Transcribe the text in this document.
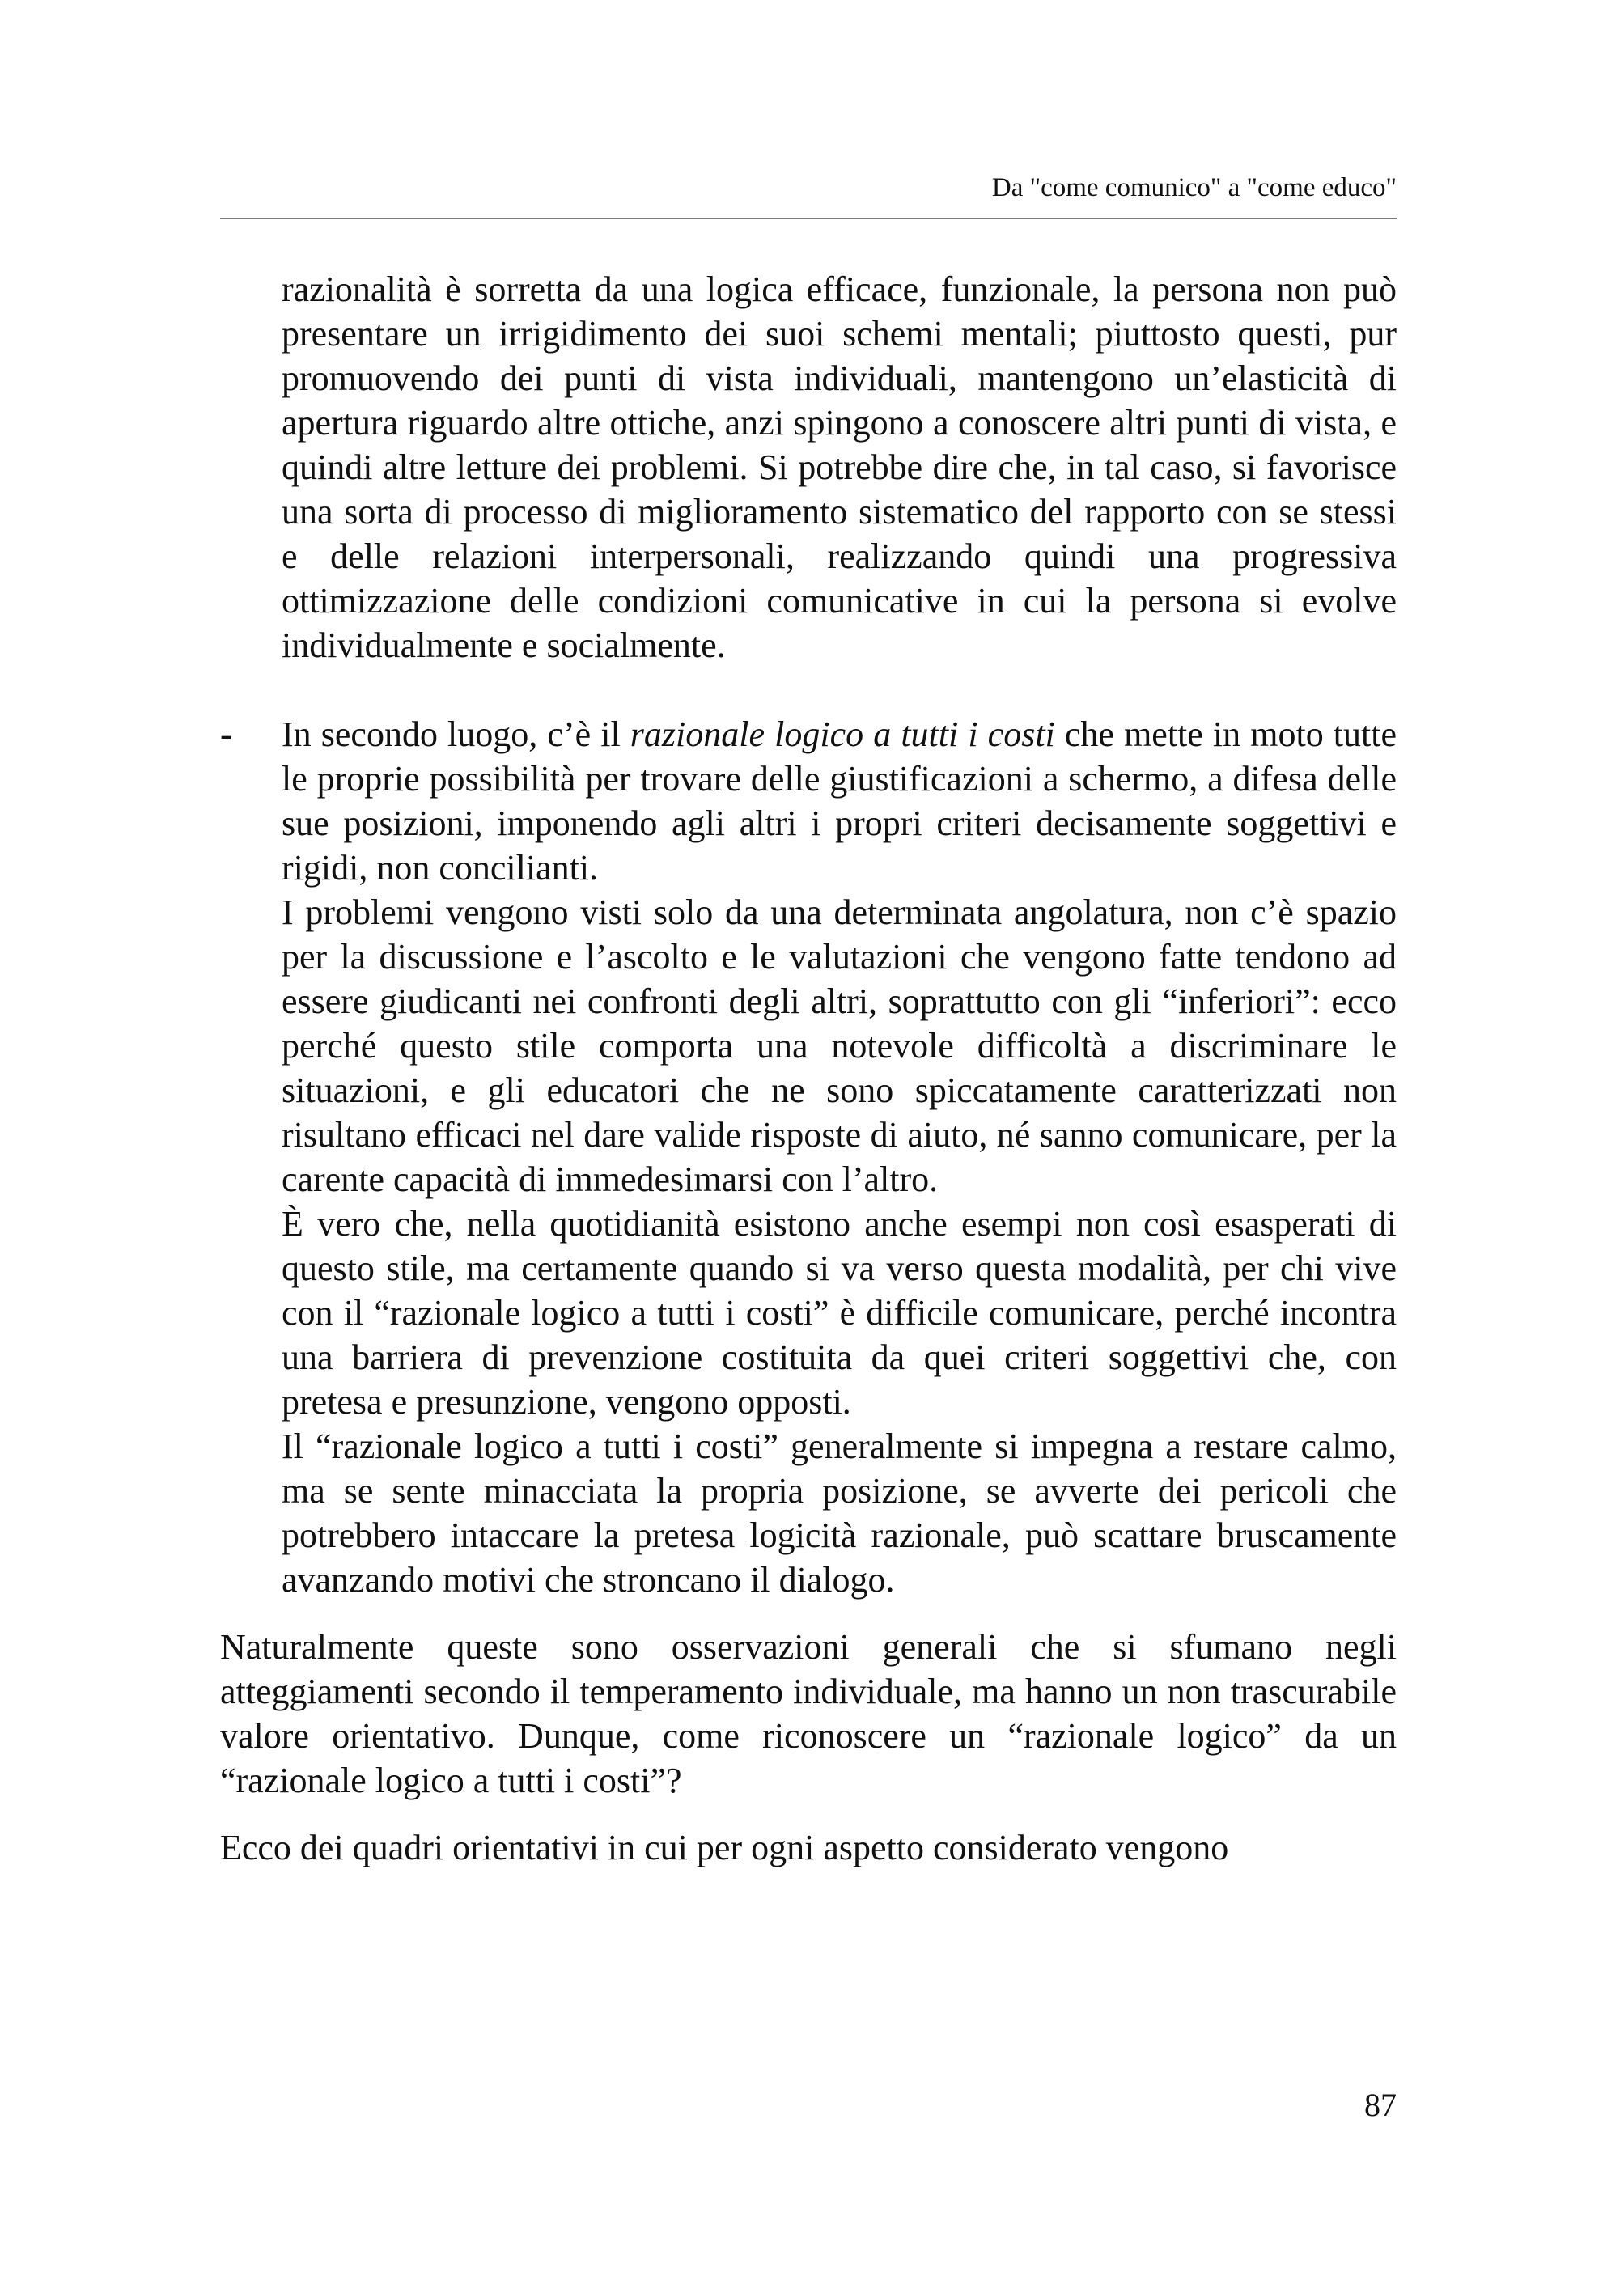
Da "come comunico" a "come educo"

razionalità è sorretta da una logica efficace, funzionale, la persona non può presentare un irrigidimento dei suoi schemi mentali; piuttosto questi, pur promuovendo dei punti di vista individuali, mantengono un’elasticità di apertura riguardo altre ottiche, anzi spingono a conoscere altri punti di vista, e quindi altre letture dei problemi. Si potrebbe dire che, in tal caso, si favorisce una sorta di processo di miglioramento sistematico del rapporto con se stessi e delle relazioni interpersonali, realizzando quindi una progressiva ottimizzazione delle condizioni comunicative in cui la persona si evolve individualmente e socialmente.

- In secondo luogo, c’è il razionale logico a tutti i costi che mette in moto tutte le proprie possibilità per trovare delle giustificazioni a schermo, a difesa delle sue posizioni, imponendo agli altri i propri criteri decisamente soggettivi e rigidi, non concilianti.

I problemi vengono visti solo da una determinata angolatura, non c’è spazio per la discussione e l’ascolto e le valutazioni che vengono fatte tendono ad essere giudicanti nei confronti degli altri, soprattutto con gli “inferiori”: ecco perché questo stile comporta una notevole difficoltà a discriminare le situazioni, e gli educatori che ne sono spiccatamente caratterizzati non risultano efficaci nel dare valide risposte di aiuto, né sanno comunicare, per la carente capacità di immedesimarsi con l’altro.

È vero che, nella quotidianità esistono anche esempi non così esasperati di questo stile, ma certamente quando si va verso questa modalità, per chi vive con il “razionale logico a tutti i costi” è difficile comunicare, perché incontra una barriera di prevenzione costituita da quei criteri soggettivi che, con pretesa e presunzione, vengono opposti.

Il “razionale logico a tutti i costi” generalmente si impegna a restare calmo, ma se sente minacciata la propria posizione, se avverte dei pericoli che potrebbero intaccare la pretesa logicità razionale, può scattare bruscamente avanzando motivi che stroncano il dialogo.

Naturalmente queste sono osservazioni generali che si sfumano negli atteggiamenti secondo il temperamento individuale, ma hanno un non trascurabile valore orientativo. Dunque, come riconoscere un “razionale logico” da un “razionale logico a tutti i costi”?

Ecco dei quadri orientativi in cui per ogni aspetto considerato vengono

87
